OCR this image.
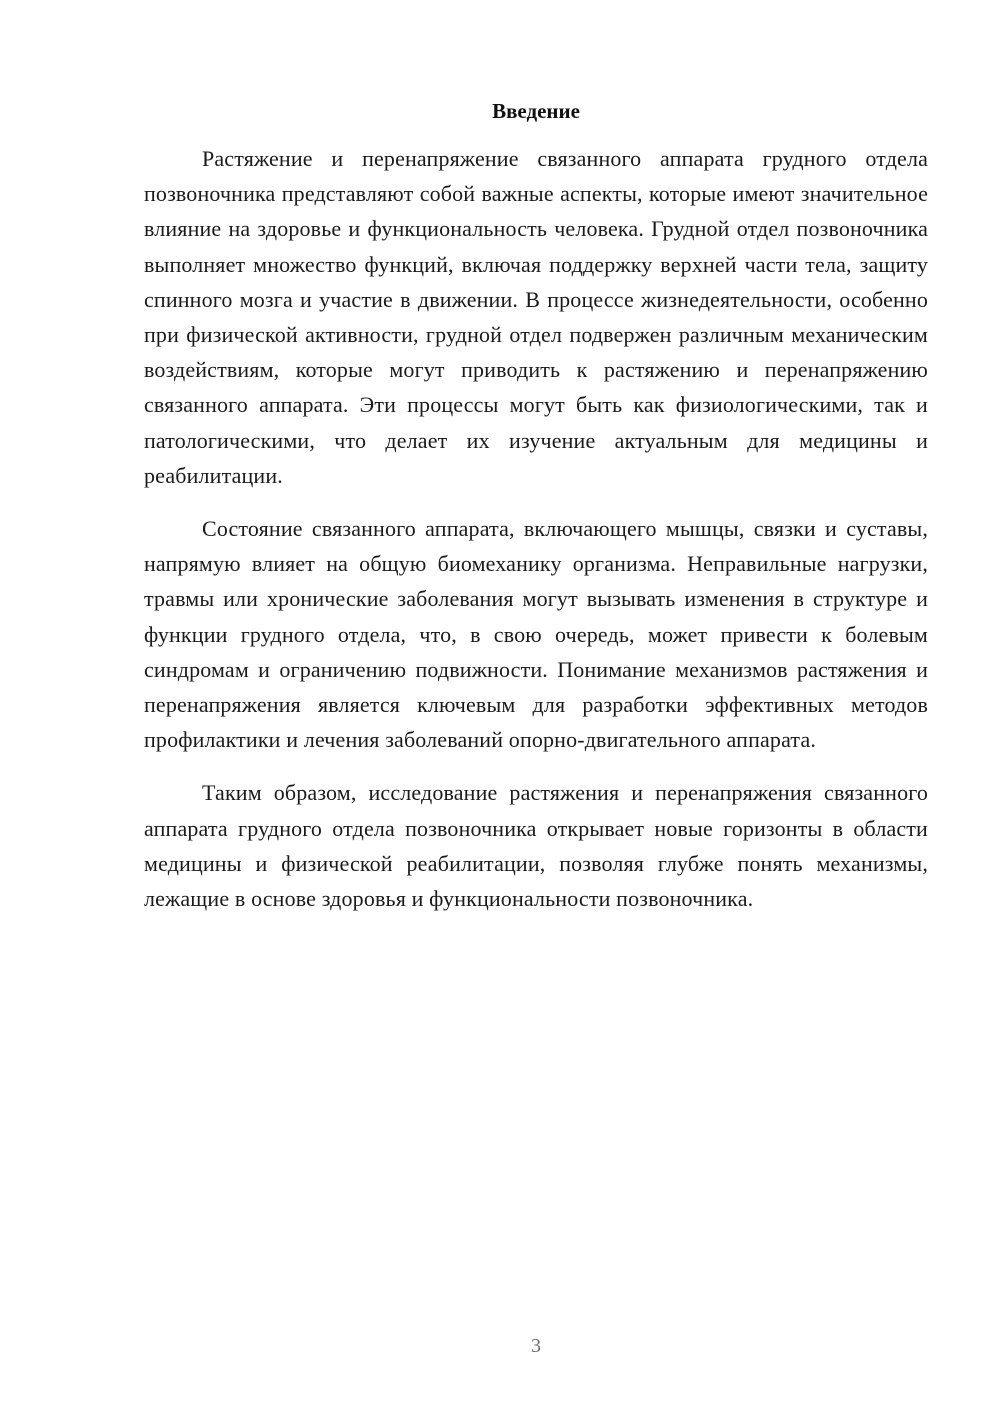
Введение

Растяжение и перенапряжение связанного аппарата грудного отдела позвоночника представляют собой важные аспекты, которые имеют значительное влияние на здоровье и функциональность человека. Грудной отдел позвоночника выполняет множество функций, включая поддержку верхней части тела, защиту спинного мозга и участие в движении. В процессе жизнедеятельности, особенно при физической активности, грудной отдел подвержен различным механическим воздействиям, которые могут приводить к растяжению и перенапряжению связанного аппарата. Эти процессы могут быть как физиологическими, так и патологическими, что делает их изучение актуальным для медицины и реабилитации.

Состояние связанного аппарата, включающего мышцы, связки и суставы, напрямую влияет на общую биомеханику организма. Неправильные нагрузки, травмы или хронические заболевания могут вызывать изменения в структуре и функции грудного отдела, что, в свою очередь, может привести к болевым синдромам и ограничению подвижности. Понимание механизмов растяжения и перенапряжения является ключевым для разработки эффективных методов профилактики и лечения заболеваний опорно-двигательного аппарата.

Таким образом, исследование растяжения и перенапряжения связанного аппарата грудного отдела позвоночника открывает новые горизонты в области медицины и физической реабилитации, позволяя глубже понять механизмы, лежащие в основе здоровья и функциональности позвоночника.

3
